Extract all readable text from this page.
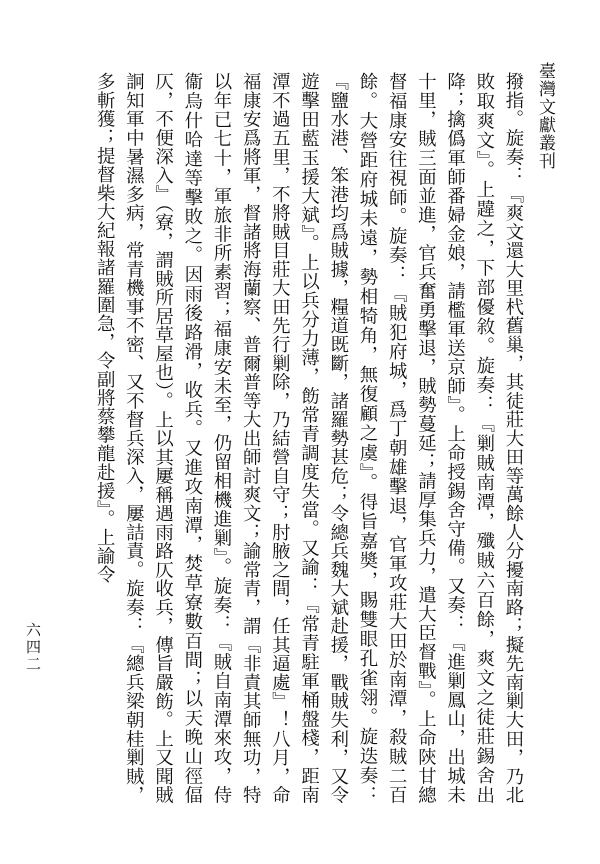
臺灣文獻叢刊

撥指。旋奏：『爽文還大里杙舊巢，其徒莊大田等萬餘人分擾南路；擬先南剿大田，乃北敗取爽文』。上韙之，下部優敘。旋奏：『剿賊南潭，殲賊六百餘，爽文之徒莊錫舍出降；擒僞軍師番婦金娘，請檻軍送京師』。上命授錫舍守備。又奏：『進剿鳳山，出城未十里，賊三面並進，官兵奮勇擊退，賊勢蔓延；請厚集兵力，遣大臣督戰』。上命陝甘總督福康安往視師。旋奏：『賊犯府城，爲丁朝雄擊退，官軍攻莊大田於南潭，殺賊二百餘。大營距府城未遠，勢相犄角，無復顧之虞』。得旨嘉奬，賜雙眼孔雀翎。旋迭奏：『鹽水港、笨港均爲賊據，糧道既斷，諸羅勢甚危；令總兵魏大斌赴援，戰賊失利，又令遊擊田藍玉援大斌』。上以兵分力薄，飭常青調度失當。又諭：『常青駐軍桶盤棧，距南潭不過五里，不將賊目莊大田先行剿除，乃結營自守；肘腋之間，任其逼處』！八月，命福康安爲將軍，督諸將海蘭察、普爾普等大出師討爽文；諭常青，謂『非責其師無功，特以年已七十，軍旅非所素習；福康安未至，仍留相機進剿』。旋奏：『賊自南潭來攻，侍衞烏什哈達等擊敗之。因雨後路滑，收兵。又進攻南潭，焚草寮數百間；以天晚山徑偪仄，不便深入』（寮，謂賊所居草屋也）。上以其屢稱遇雨路仄收兵，傳旨嚴飭。上又聞賊詗知軍中暑濕多病，常青機事不密、又不督兵深入，屢詰責。旋奏：『總兵梁朝桂剿賊，多斬獲；提督柴大紀報諸羅圍急，令副將蔡攀龍赴援』。上諭令

六四二
